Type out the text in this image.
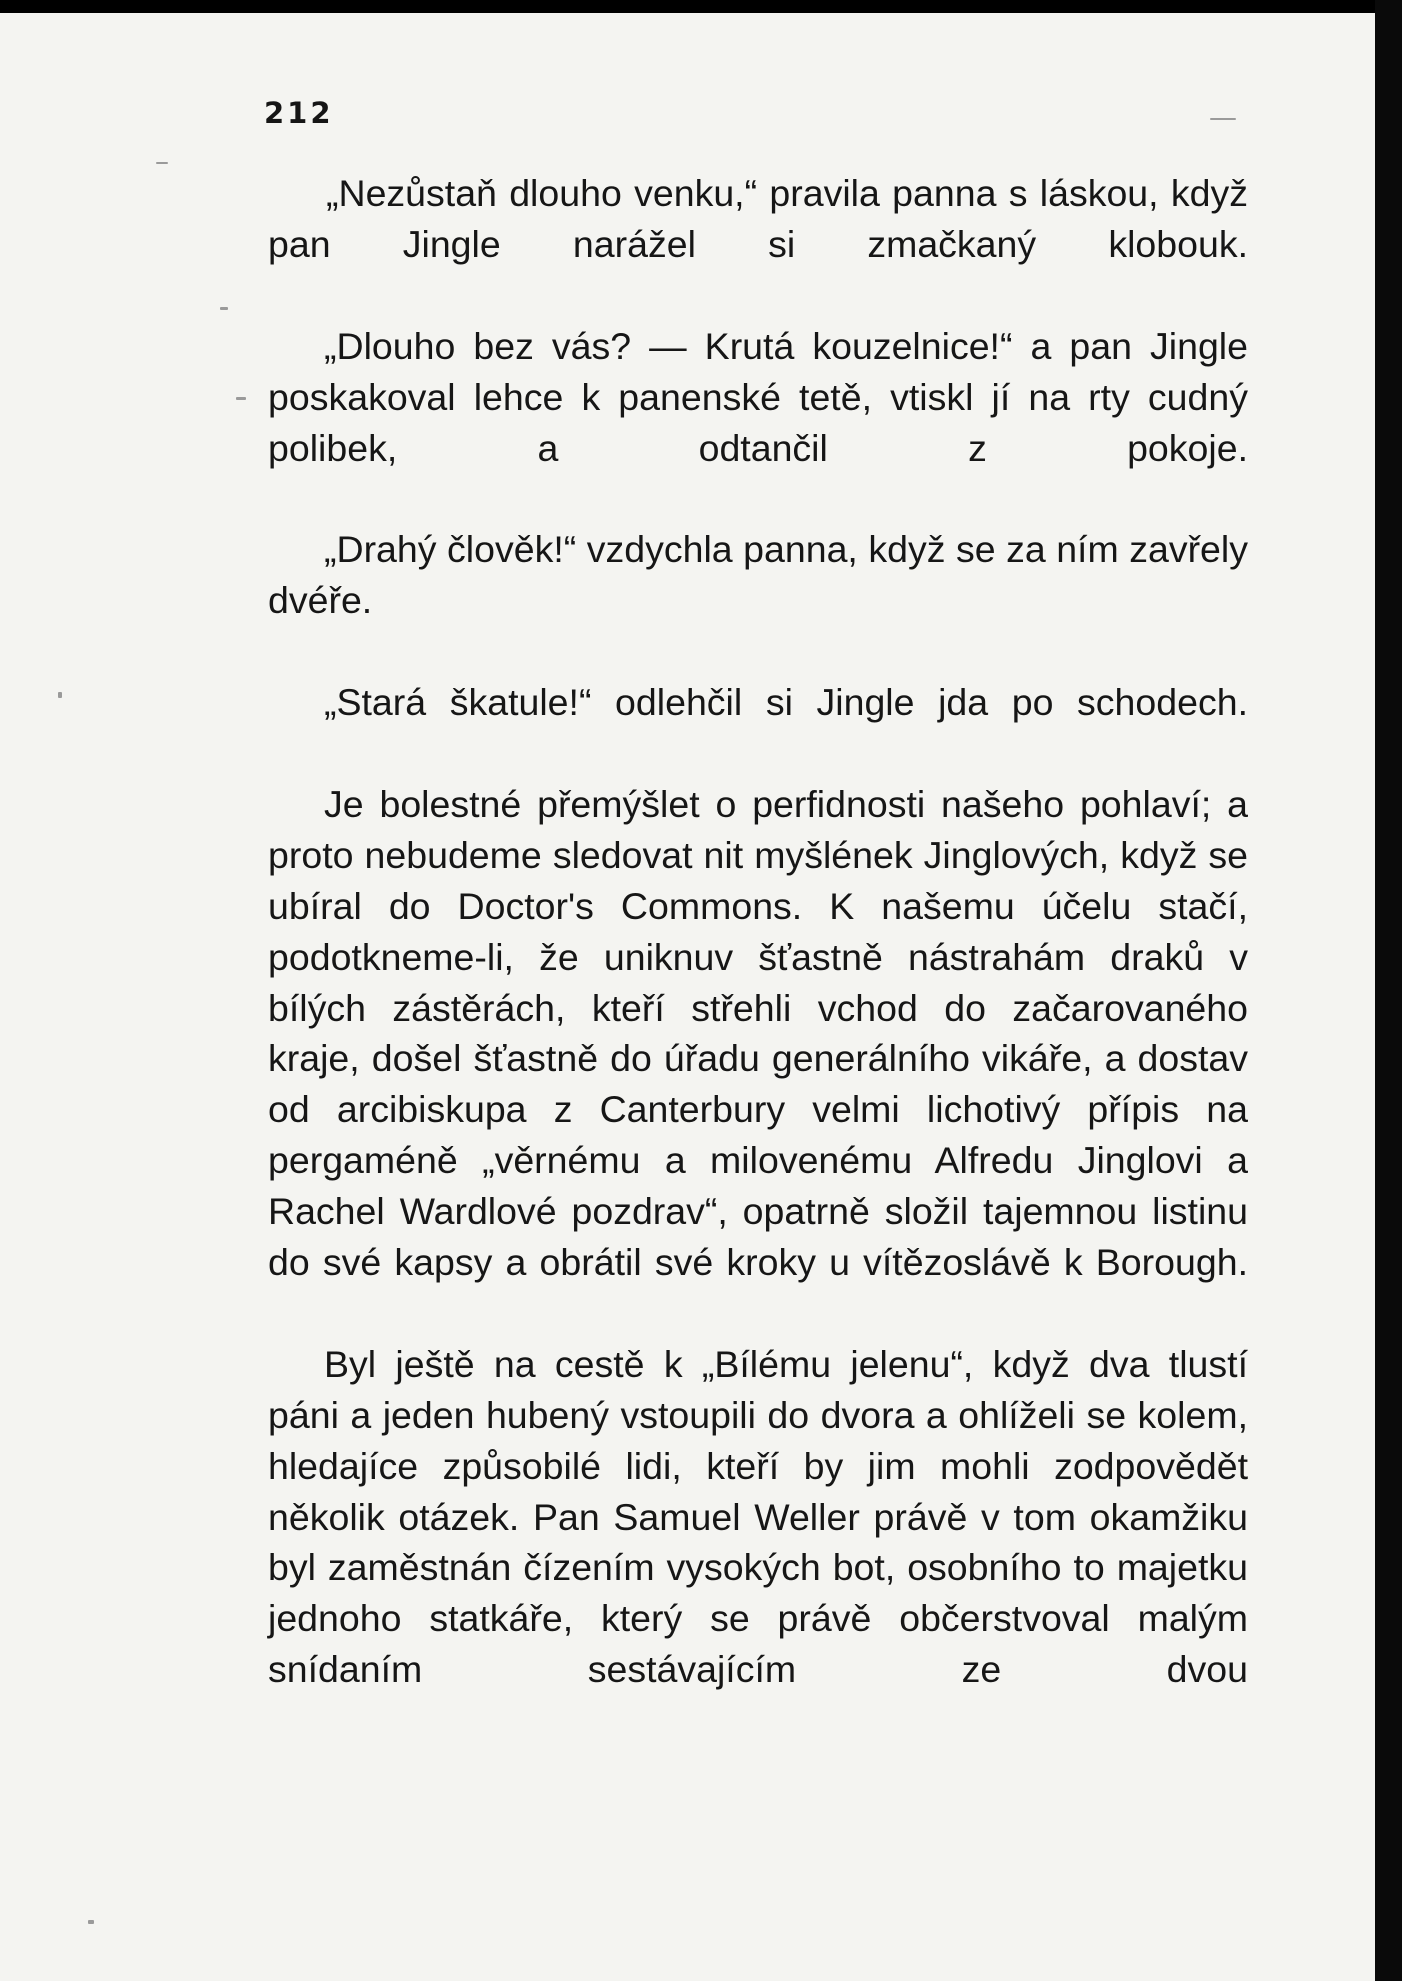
212

„Nezůstaň dlouho venku,“ pravila panna s láskou, když pan Jingle narážel si zmačkaný klobouk.

„Dlouho bez vás? — Krutá kouzelnice!“ a pan Jingle poskakoval lehce k panenské tetě, vtiskl jí na rty cudný polibek, a odtančil z pokoje.

„Drahý člověk!“ vzdychla panna, když se za ním zavřely dvéře.

„Stará škatule!“ odlehčil si Jingle jda po schodech.

Je bolestné přemýšlet o perfidnosti našeho pohlaví; a proto nebudeme sledovat nit myšlének Jinglových, když se ubíral do Doctor's Commons. K našemu účelu stačí, podotkneme-li, že uniknuv šťastně nástrahám draků v bílých zástěrách, kteří střehli vchod do začarovaného kraje, došel šťastně do úřadu generálního vikáře, a dostav od arcibiskupa z Canterbury velmi lichotivý přípis na pergaméně „věrnému a milovenému Alfredu Jinglovi a Rachel Wardlové pozdrav“, opatrně složil tajemnou listinu do své kapsy a obrátil své kroky u vítězoslávě k Borough.

Byl ještě na cestě k „Bílému jelenu“, když dva tlustí páni a jeden hubený vstoupili do dvora a ohlíželi se kolem, hledajíce způsobilé lidi, kteří by jim mohli zodpovědět několik otázek. Pan Samuel Weller právě v tom okamžiku byl zaměstnán čízením vysokých bot, osobního to majetku jednoho statkáře, který se právě občerstvoval malým snídaním sestávajícím ze dvou
